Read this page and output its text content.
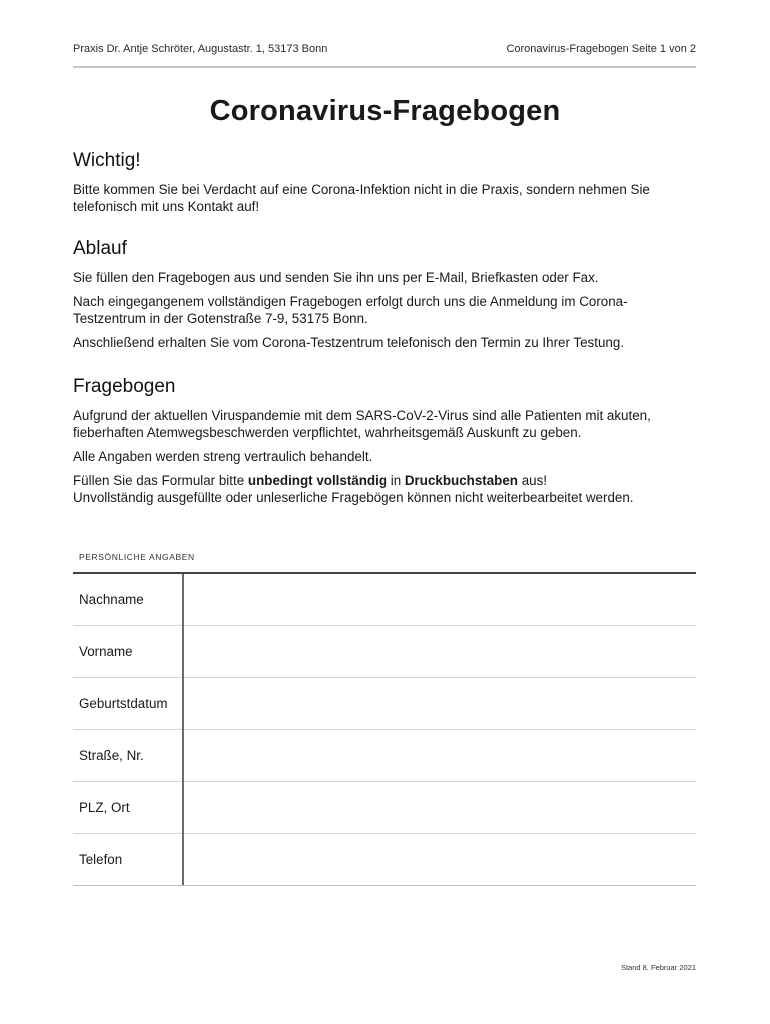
Praxis Dr. Antje Schröter, Augustastr. 1, 53173 Bonn	Coronavirus-Fragebogen Seite 1 von 2
Coronavirus-Fragebogen
Wichtig!

Bitte kommen Sie bei Verdacht auf eine Corona-Infektion nicht in die Praxis, sondern nehmen Sie telefonisch mit uns Kontakt auf!

Ablauf

Sie füllen den Fragebogen aus und senden Sie ihn uns per E-Mail, Briefkasten oder Fax.

Nach eingegangenem vollständigen Fragebogen erfolgt durch uns die Anmeldung im Corona-Testzentrum in der Gotenstraße 7-9, 53175 Bonn.

Anschließend erhalten Sie vom Corona-Testzentrum telefonisch den Termin zu Ihrer Testung.

Fragebogen

Aufgrund der aktuellen Viruspandemie mit dem SARS-CoV-2-Virus sind alle Patienten mit akuten, fieberhaften Atemwegsbeschwerden verpflichtet, wahrheitsgemäß Auskunft zu geben.

Alle Angaben werden streng vertraulich behandelt.

Füllen Sie das Formular bitte unbedingt vollständig in Druckbuchstaben aus!

Unvollständig ausgefüllte oder unleserliche Fragebögen können nicht weiterbearbeitet werden.

PERSÖNLICHE ANGABEN
Nachname
Vorname
Geburtstdatum
Straße, Nr.
PLZ, Ort
Telefon
Stand 8. Februar 2021
